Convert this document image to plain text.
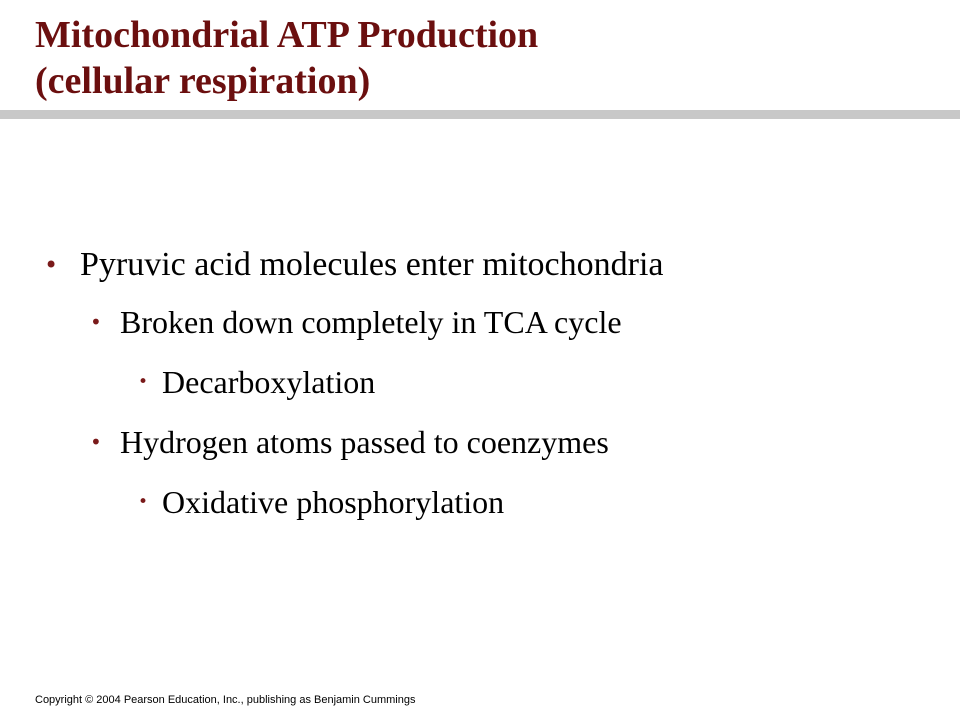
Mitochondrial ATP Production
(cellular respiration)
• Pyruvic acid molecules enter mitochondria
• Broken down completely in TCA cycle
• Decarboxylation
• Hydrogen atoms passed to coenzymes
• Oxidative phosphorylation
Copyright © 2004 Pearson Education, Inc., publishing as Benjamin Cummings
